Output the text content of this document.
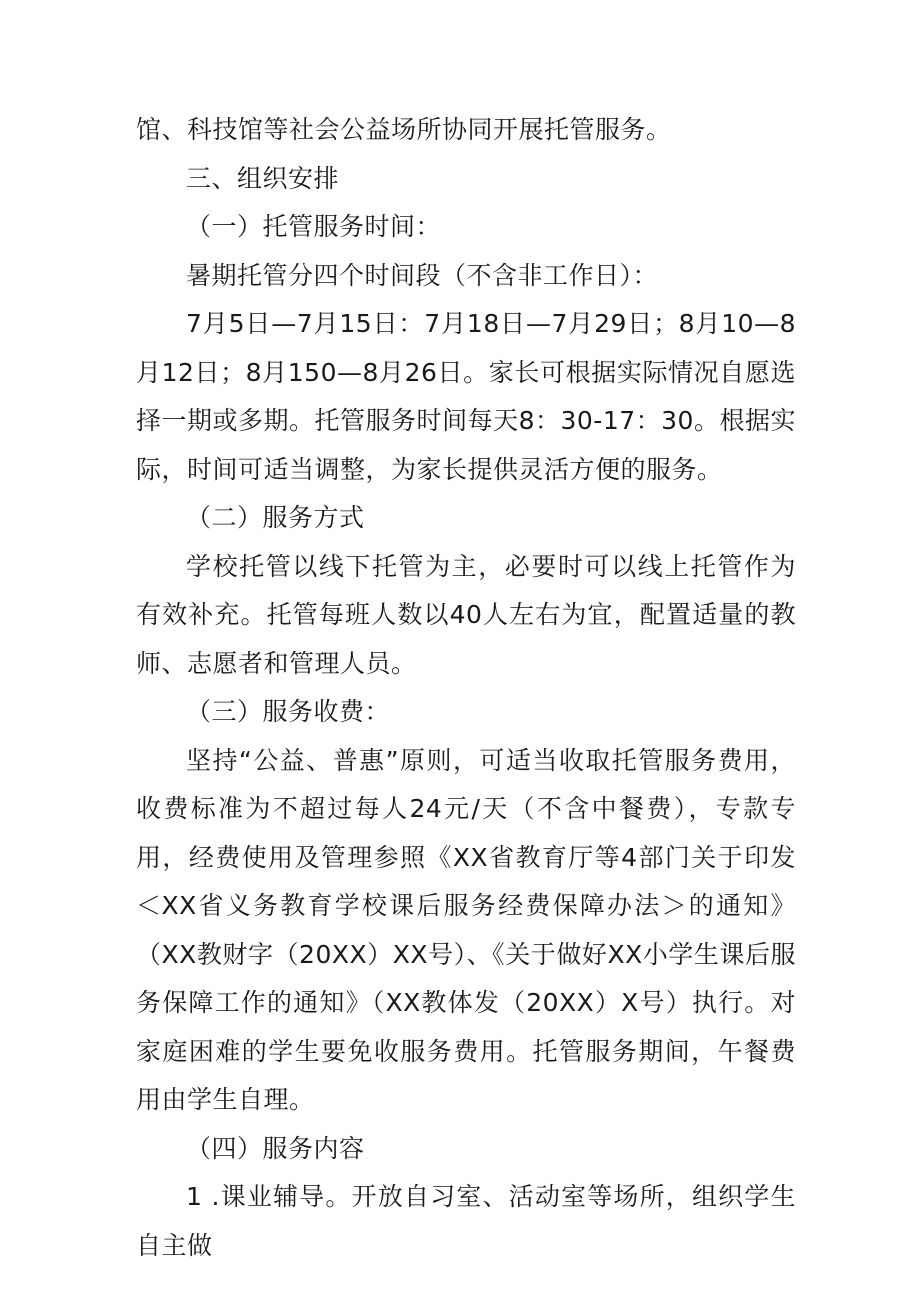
馆、科技馆等社会公益场所协同开展托管服务。

三、组织安排

（一）托管服务时间：

暑期托管分四个时间段（不含非工作日）：

7月5日—7月15日：7月18日—7月29日；8月10—8月12日；8月150—8月26日。家长可根据实际情况自愿选择一期或多期。托管服务时间每天8：30-17：30。根据实际，时间可适当调整，为家长提供灵活方便的服务。

（二）服务方式

学校托管以线下托管为主，必要时可以线上托管作为有效补充。托管每班人数以40人左右为宜，配置适量的教师、志愿者和管理人员。

（三）服务收费：

坚持“公益、普惠”原则，可适当收取托管服务费用，收费标准为不超过每人24元/天（不含中餐费），专款专用，经费使用及管理参照《XX省教育厅等4部门关于印发＜XX省义务教育学校课后服务经费保障办法＞的通知》（XX教财字（20XX）XX号）、《关于做好XX小学生课后服务保障工作的通知》（XX教体发（20XX）X号）执行。对家庭困难的学生要免收服务费用。托管服务期间，午餐费用由学生自理。

（四）服务内容

1 .课业辅导。开放自习室、活动室等场所，组织学生自主做
